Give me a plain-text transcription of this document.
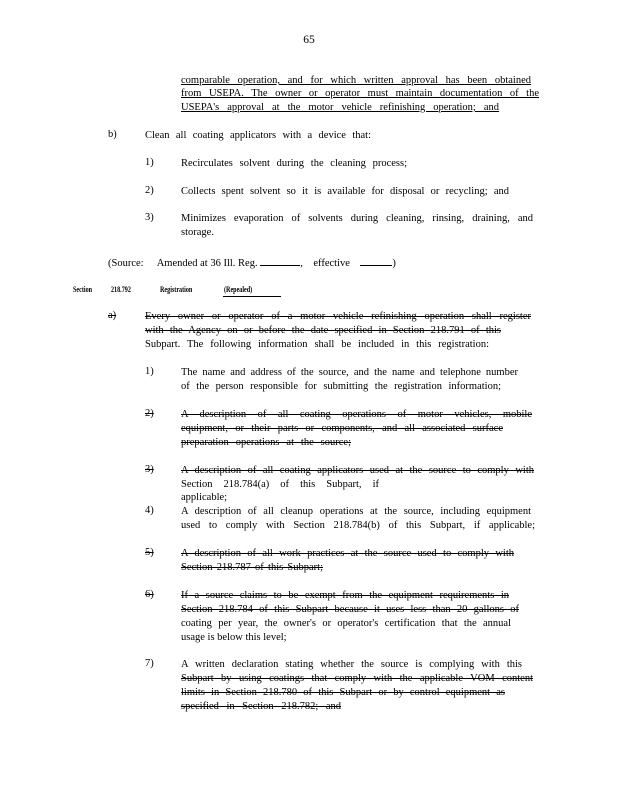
65
comparable operation, and for which written approval has been obtained
from USEPA. The owner or operator must maintain documentation of the
USEPA's approval at the motor vehicle refinishing operation; and
b)	Clean all coating applicators with a device that:
1)	Recirculates solvent during the cleaning process;
2)	Collects spent solvent so it is available for disposal or recycling; and
3)	Minimizes evaporation of solvents during cleaning, rinsing, draining, and
storage.
(Source: Amended at 36 Ill. Reg.	,    effective	)
Section 218.792	Registration	(Repealed)
a)	Every owner or operator of a motor vehicle refinishing operation shall register
with the Agency on or before the date specified in Section 218.791 of this
Subpart. The following information shall be included in this registration:
1)	The name and address of the source, and the name and telephone number
of the person responsible for submitting the registration information;
2)	A description of all coating operations of motor vehicles, mobile
equipment, or their parts or components, and all associated surface
preparation operations at the source;
3)	A description of all coating applicators used at the source to comply with
Section 218.784(a) of this Subpart, if applicable;
4)	A description of all cleanup operations at the source, including equipment
used to comply with Section 218.784(b) of this Subpart, if applicable;
5)	A description of all work practices at the source used to comply with
Section 218.787 of this Subpart;
6)	If a source claims to be exempt from the equipment requirements in
Section 218.784 of this Subpart because it uses less than 20 gallons of
coating per year, the owner's or operator's certification that the annual
usage is below this level;
7)	A written declaration stating whether the source is complying with this
Subpart by using coatings that comply with the applicable VOM content
limits in Section 218.780 of this Subpart or by control equipment as
specified in Section 218.782; and
